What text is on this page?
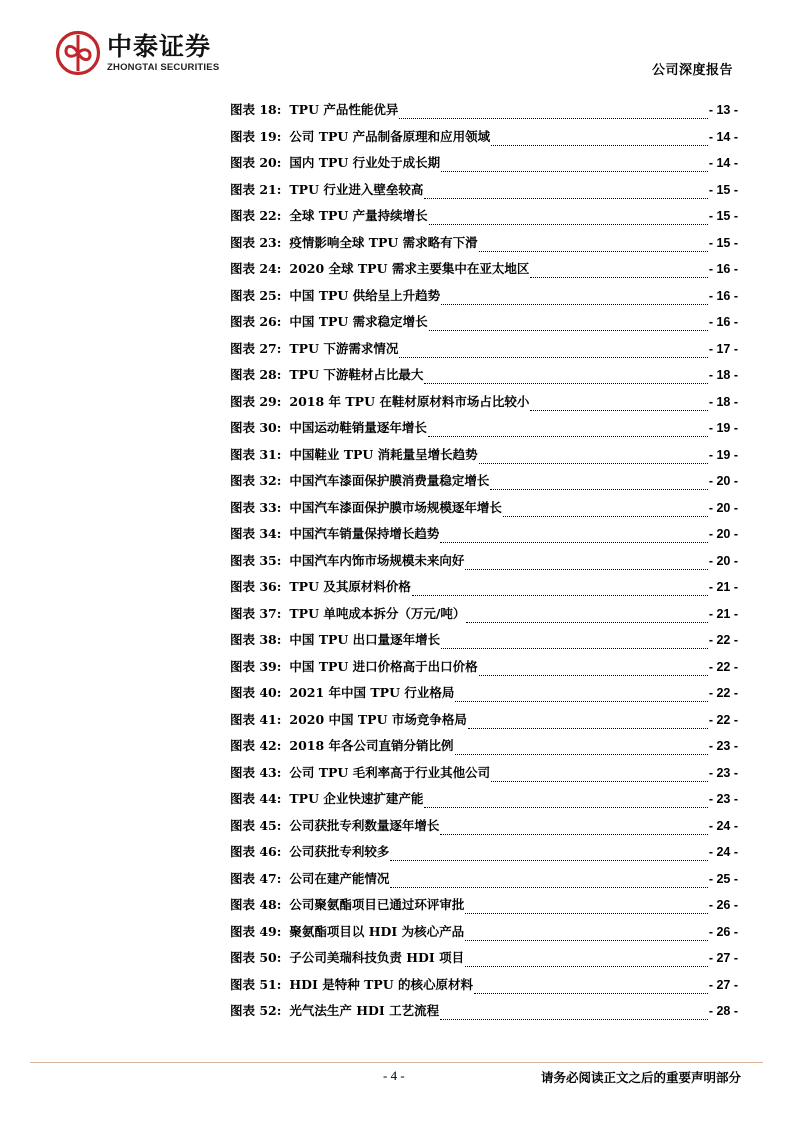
中泰证券
ZHONGTAI SECURITIES	公司深度报告
图表 18: TPU 产品性能优异	- 13 -
图表 19: 公司 TPU 产品制备原理和应用领域	- 14 -
图表 20: 国内 TPU 行业处于成长期	- 14 -
图表 21: TPU 行业进入壁垒较高	- 15 -
图表 22: 全球 TPU 产量持续增长	- 15 -
图表 23: 疫情影响全球 TPU 需求略有下滑	- 15 -
图表 24: 2020 全球 TPU 需求主要集中在亚太地区	- 16 -
图表 25: 中国 TPU 供给呈上升趋势	- 16 -
图表 26: 中国 TPU 需求稳定增长	- 16 -
图表 27: TPU 下游需求情况	- 17 -
图表 28: TPU 下游鞋材占比最大	- 18 -
图表 29: 2018 年 TPU 在鞋材原材料市场占比较小	- 18 -
图表 30: 中国运动鞋销量逐年增长	- 19 -
图表 31: 中国鞋业 TPU 消耗量呈增长趋势	- 19 -
图表 32: 中国汽车漆面保护膜消费量稳定增长	- 20 -
图表 33: 中国汽车漆面保护膜市场规模逐年增长	- 20 -
图表 34: 中国汽车销量保持增长趋势	- 20 -
图表 35: 中国汽车内饰市场规模未来向好	- 20 -
图表 36: TPU 及其原材料价格	- 21 -
图表 37: TPU 单吨成本拆分（万元/吨）	- 21 -
图表 38: 中国 TPU 出口量逐年增长	- 22 -
图表 39: 中国 TPU 进口价格高于出口价格	- 22 -
图表 40: 2021 年中国 TPU 行业格局	- 22 -
图表 41: 2020 中国 TPU 市场竞争格局	- 22 -
图表 42: 2018 年各公司直销分销比例	- 23 -
图表 43: 公司 TPU 毛利率高于行业其他公司	- 23 -
图表 44: TPU 企业快速扩建产能	- 23 -
图表 45: 公司获批专利数量逐年增长	- 24 -
图表 46: 公司获批专利较多	- 24 -
图表 47: 公司在建产能情况	- 25 -
图表 48: 公司聚氨酯项目已通过环评审批	- 26 -
图表 49: 聚氨酯项目以 HDI 为核心产品	- 26 -
图表 50: 子公司美瑞科技负责 HDI 项目	- 27 -
图表 51: HDI 是特种 TPU 的核心原材料	- 27 -
图表 52: 光气法生产 HDI 工艺流程	- 28 -
- 4 -	请务必阅读正文之后的重要声明部分
